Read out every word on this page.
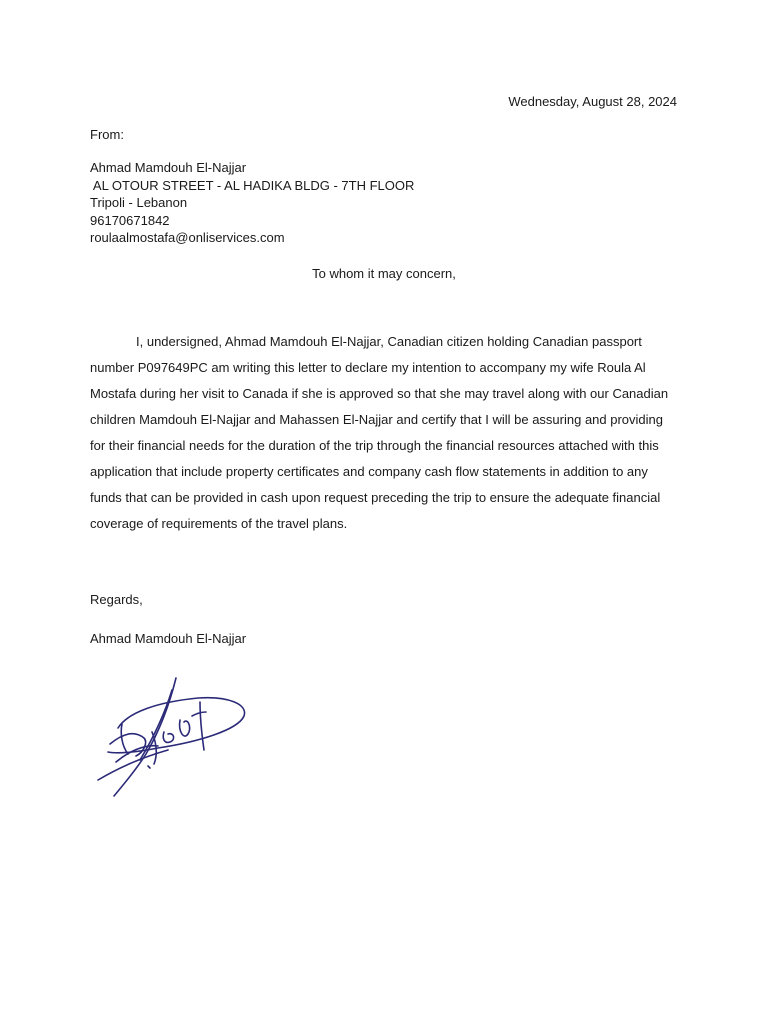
Wednesday, August 28, 2024
From:
Ahmad Mamdouh El-Najjar
AL OTOUR STREET - AL HADIKA BLDG - 7TH FLOOR
Tripoli - Lebanon
96170671842
roulaalmostafa@onliservices.com
To whom it may concern,

I, undersigned, Ahmad Mamdouh El-Najjar, Canadian citizen holding Canadian passport number P097649PC am writing this letter to declare my intention to accompany my wife Roula Al Mostafa during her visit to Canada if she is approved so that she may travel along with our Canadian children Mamdouh El-Najjar and Mahassen El-Najjar and certify that I will be assuring and providing for their financial needs for the duration of the trip through the financial resources attached with this application that include property certificates and company cash flow statements in addition to any funds that can be provided in cash upon request preceding the trip to ensure the adequate financial coverage of requirements of the travel plans.

Regards,
Ahmad Mamdouh El-Najjar
